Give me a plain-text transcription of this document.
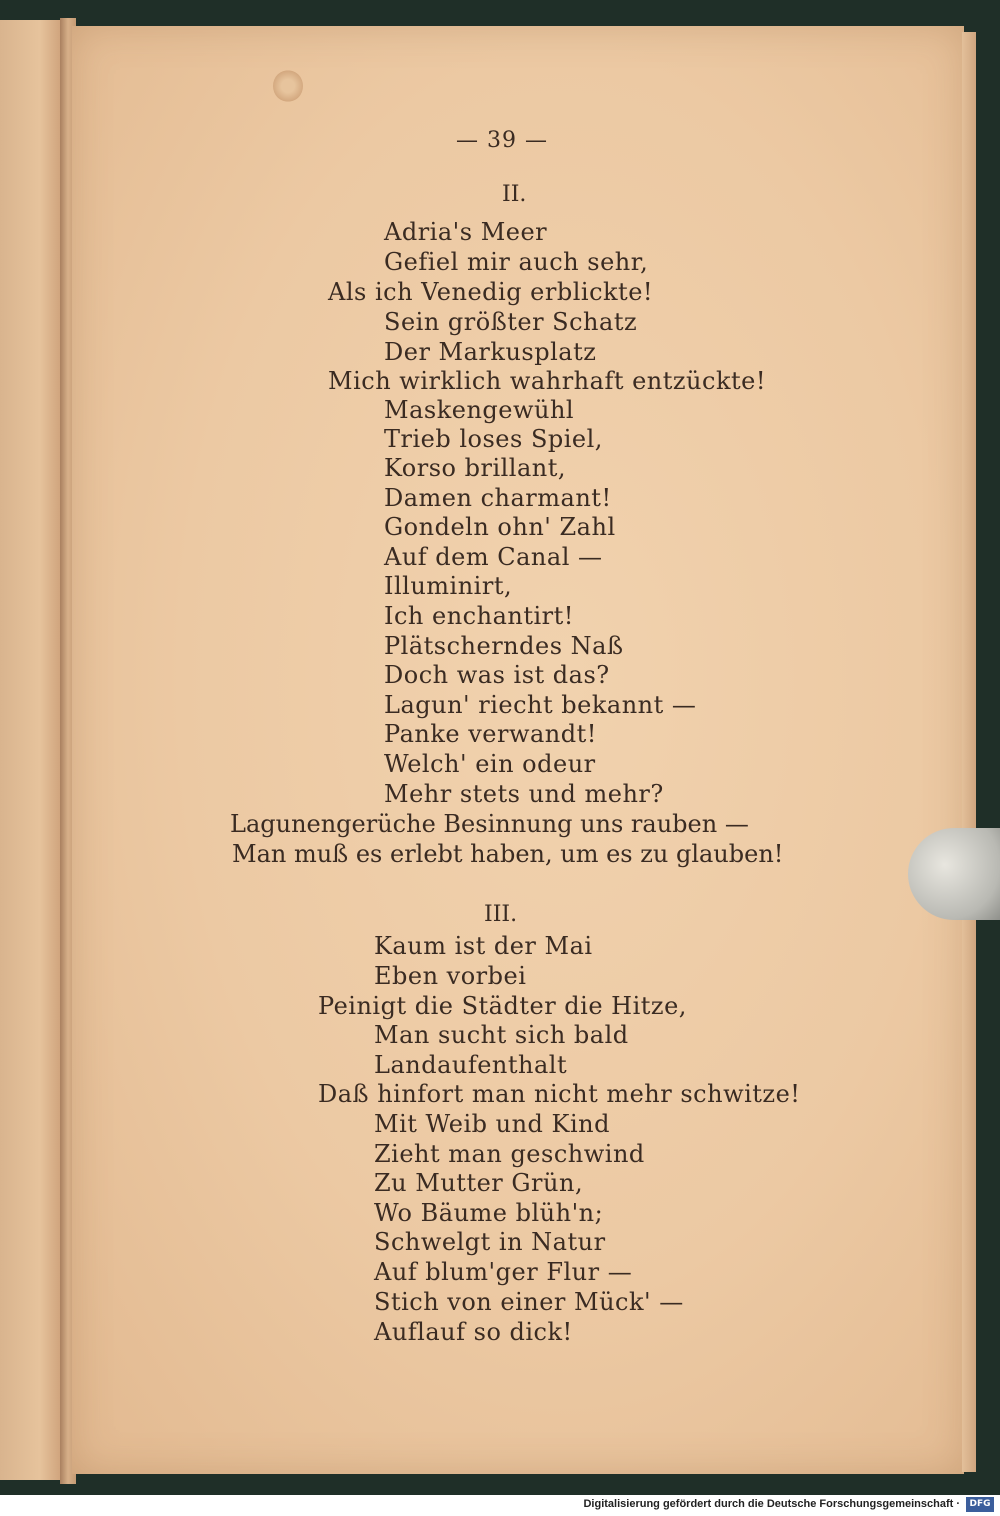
— 39 —
II.
Adria's Meer
Gefiel mir auch sehr,
Als ich Venedig erblickte!
Sein größter Schatz
Der Markusplatz
Mich wirklich wahrhaft entzückte!
Maskengewühl
Trieb loses Spiel,
Korso brillant,
Damen charmant!
Gondeln ohn' Zahl
Auf dem Canal —
Illuminirt,
Ich enchantirt!
Plätscherndes Naß
Doch was ist das?
Lagun' riecht bekannt —
Panke verwandt!
Welch' ein odeur
Mehr stets und mehr?
Lagunengerüche Besinnung uns rauben —
Man muß es erlebt haben, um es zu glauben!
III.
Kaum ist der Mai
Eben vorbei
Peinigt die Städter die Hitze,
Man sucht sich bald
Landaufenthalt
Daß hinfort man nicht mehr schwitze!
Mit Weib und Kind
Zieht man geschwind
Zu Mutter Grün,
Wo Bäume blüh'n;
Schwelgt in Natur
Auf blum'ger Flur —
Stich von einer Mück' —
Auflauf so dick!
Digitalisierung gefördert durch die Deutsche Forschungsgemeinschaft ·	DFG
